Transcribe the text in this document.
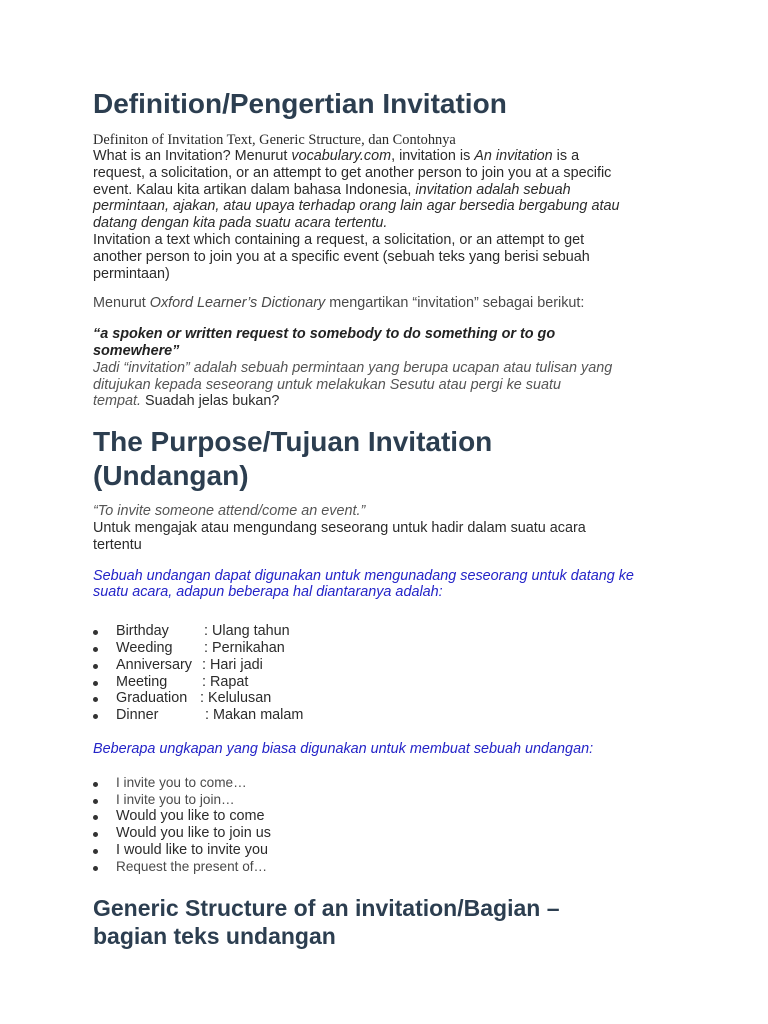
Definition/Pengertian Invitation
Definiton of Invitation Text, Generic Structure, dan Contohnya
What is an Invitation? Menurut vocabulary.com, invitation is An invitation is a
request, a solicitation, or an attempt to get another person to join you at a specific
event. Kalau kita artikan dalam bahasa Indonesia, invitation adalah sebuah
permintaan, ajakan, atau upaya terhadap orang lain agar bersedia bergabung atau
datang dengan kita pada suatu acara tertentu.
Invitation a text which containing a request, a solicitation, or an attempt to get
another person to join you at a specific event (sebuah teks yang berisi sebuah
permintaan)
Menurut Oxford Learner’s Dictionary mengartikan “invitation” sebagai berikut:
“a spoken or written request to somebody to do something or to go
somewhere”
Jadi “invitation” adalah sebuah permintaan yang berupa ucapan atau tulisan yang
ditujukan kepada seseorang untuk melakukan Sesutu atau pergi ke suatu
tempat. Suadah jelas bukan?
The Purpose/Tujuan Invitation
(Undangan)
“To invite someone attend/come an event.”
Untuk mengajak atau mengundang seseorang untuk hadir dalam suatu acara
tertentu
Sebuah undangan dapat digunakan untuk mengunadang seseorang untuk datang ke
suatu acara, adapun beberapa hal diantaranya adalah:
Birthday : Ulang tahun
Weeding : Pernikahan
Anniversary : Hari jadi
Meeting : Rapat
Graduation : Kelulusan
Dinner	: Makan malam
Beberapa ungkapan yang biasa digunakan untuk membuat sebuah undangan:
I invite you to come…
I invite you to join…
Would you like to come
Would you like to join us
I would like to invite you
Request the present of…
Generic Structure of an invitation/Bagian –
bagian teks undangan
